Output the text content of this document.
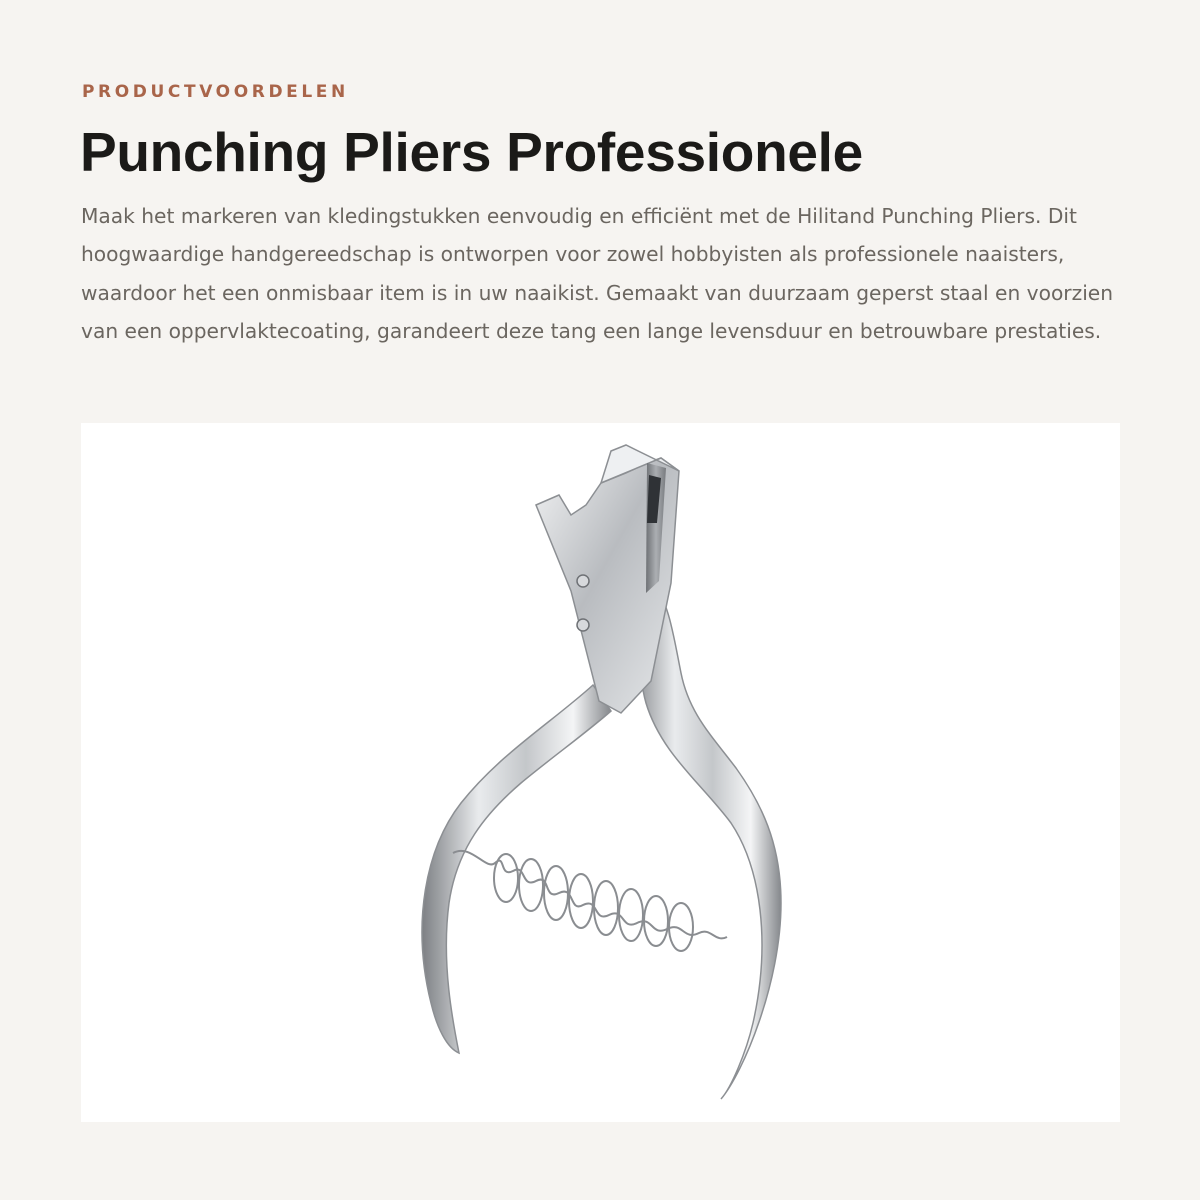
PRODUCTVOORDELEN
Punching Pliers Professionele

Maak het markeren van kledingstukken eenvoudig en efficiënt met de Hilitand Punching Pliers. Dit hoogwaardige handgereedschap is ontworpen voor zowel hobbyisten als professionele naaisters, waardoor het een onmisbaar item is in uw naaikist. Gemaakt van duurzaam geperst staal en voorzien van een oppervlaktecoating, garandeert deze tang een lange levensduur en betrouwbare prestaties.
